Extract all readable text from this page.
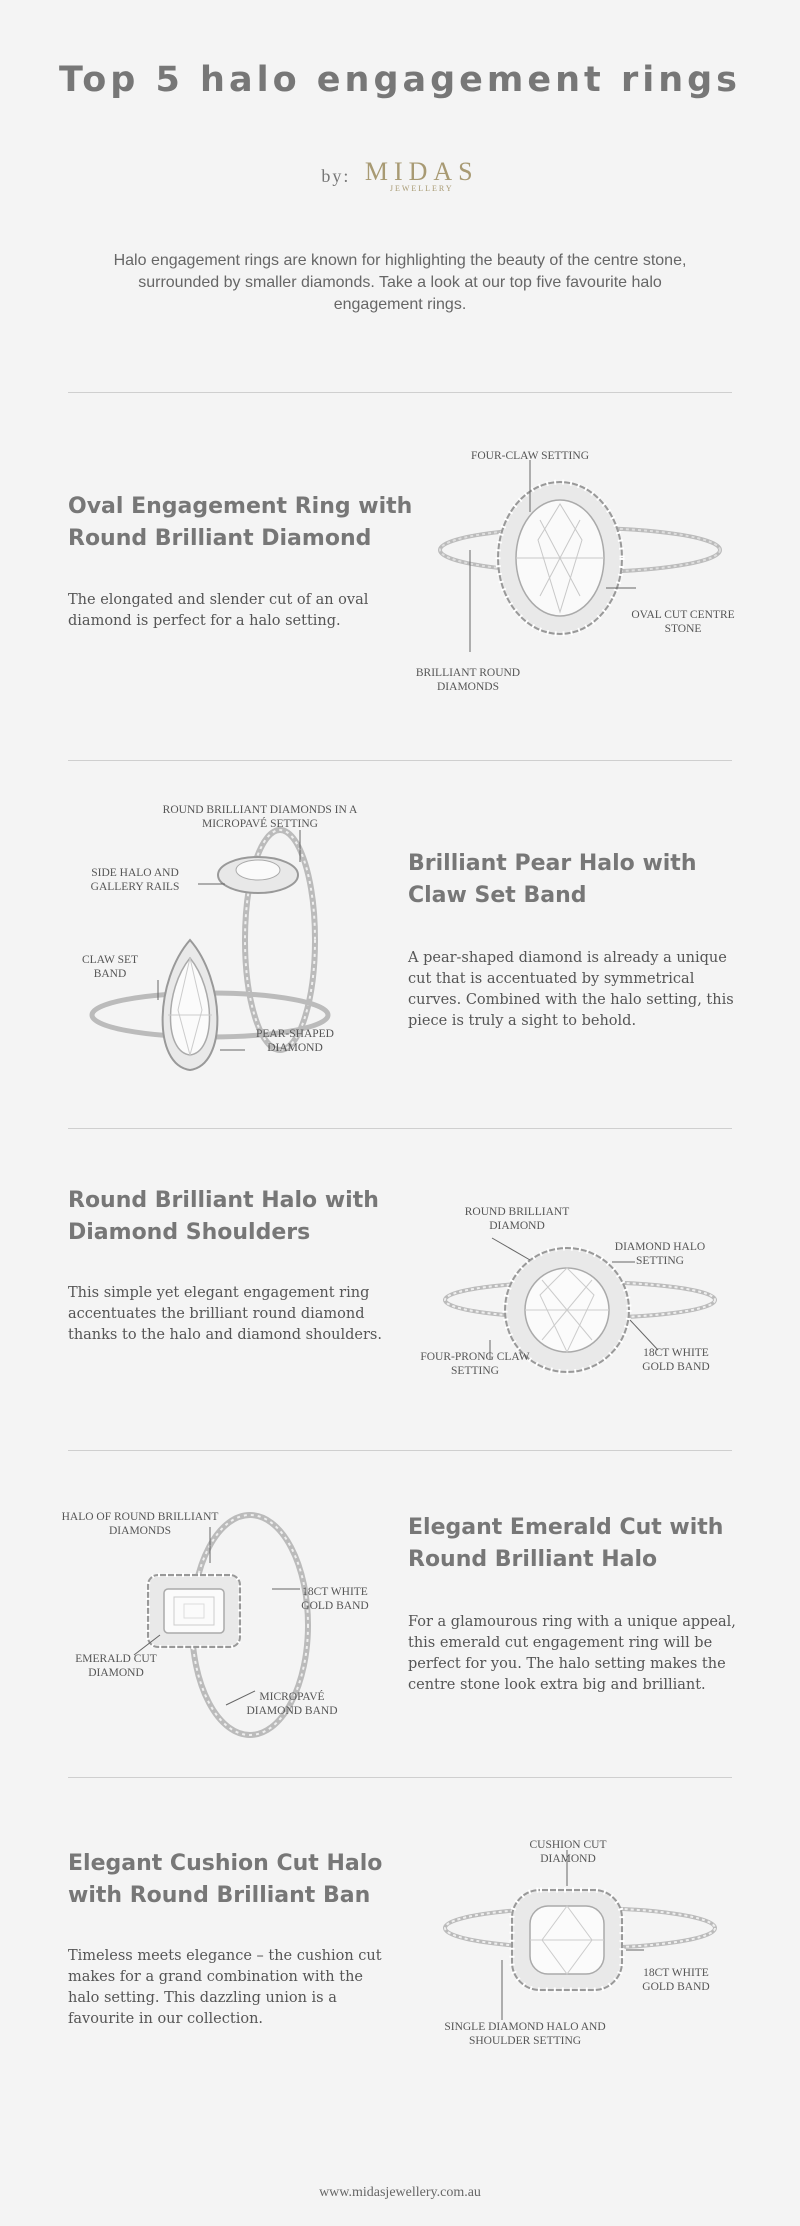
Top 5 halo engagement rings
by: MIDAS
JEWELLERY
Halo engagement rings are known for highlighting the beauty of the centre stone, surrounded by smaller diamonds. Take a look at our top five favourite halo engagement rings.
Oval Engagement Ring with Round Brilliant Diamond
The elongated and slender cut of an oval diamond is perfect for a halo setting.
FOUR-CLAW SETTING
OVAL CUT CENTRE STONE
BRILLIANT ROUND DIAMONDS
ROUND BRILLIANT DIAMONDS IN A MICROPAVÉ SETTING
SIDE HALO AND GALLERY RAILS
CLAW SET BAND
PEAR-SHAPED DIAMOND
Brilliant Pear Halo with Claw Set Band
A pear-shaped diamond is already a unique cut that is accentuated by symmetrical curves. Combined with the halo setting, this piece is truly a sight to behold.
Round Brilliant Halo with Diamond Shoulders
This simple yet elegant engagement ring accentuates the brilliant round diamond thanks to the halo and diamond shoulders.
ROUND BRILLIANT DIAMOND
DIAMOND HALO SETTING
FOUR-PRONG CLAW SETTING
18CT WHITE GOLD BAND
HALO OF ROUND BRILLIANT DIAMONDS
18CT WHITE GOLD BAND
EMERALD CUT DIAMOND
MICROPAVÉ DIAMOND BAND
Elegant Emerald Cut with Round Brilliant Halo
For a glamourous ring with a unique appeal, this emerald cut engagement ring will be perfect for you. The halo setting makes the centre stone look extra big and brilliant.
Elegant Cushion Cut Halo with Round Brilliant Ban
Timeless meets elegance – the cushion cut makes for a grand combination with the halo setting. This dazzling union is a favourite in our collection.
CUSHION CUT DIAMOND
18CT WHITE GOLD BAND
SINGLE DIAMOND HALO AND SHOULDER SETTING
www.midasjewellery.com.au
